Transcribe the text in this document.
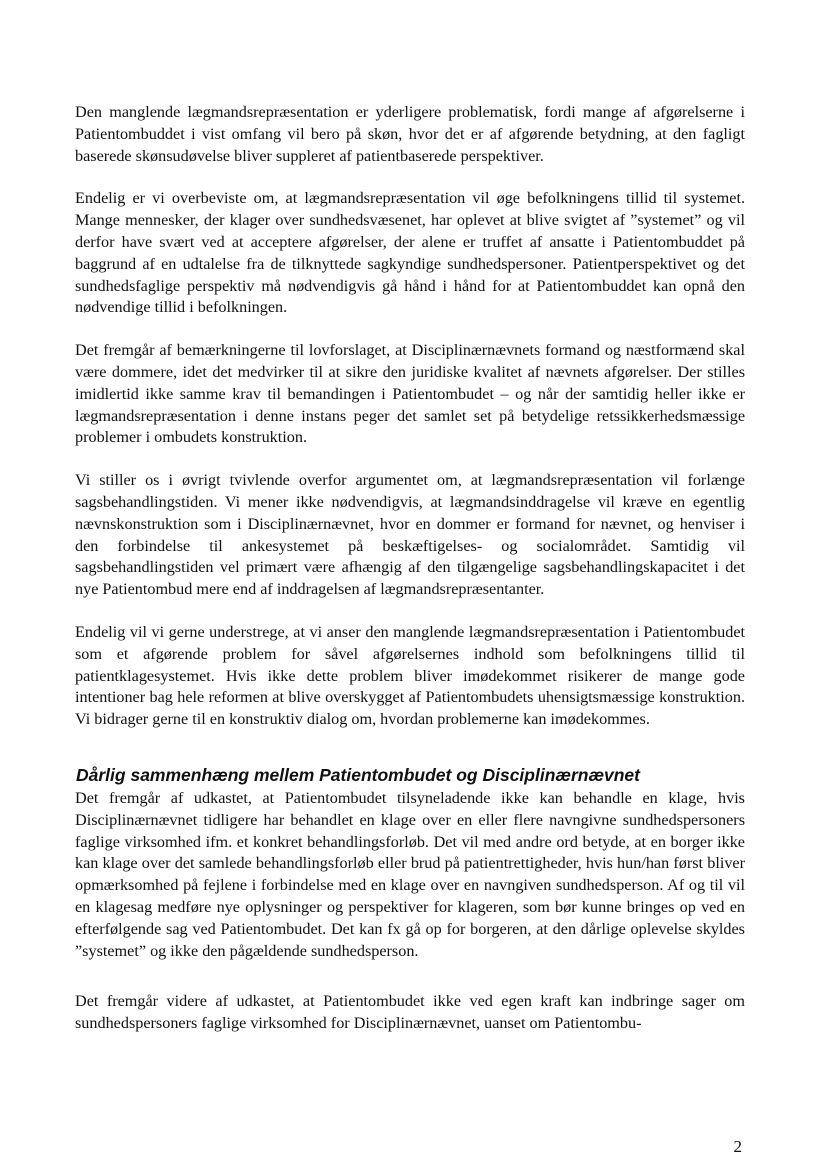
Den manglende lægmandsrepræsentation er yderligere problematisk, fordi mange af afgørelserne i Patientombuddet i vist omfang vil bero på skøn, hvor det er af afgørende betydning, at den fagligt baserede skønsudøvelse bliver suppleret af patientbaserede perspektiver.

Endelig er vi overbeviste om, at lægmandsrepræsentation vil øge befolkningens tillid til systemet. Mange mennesker, der klager over sundhedsvæsenet, har oplevet at blive svigtet af ”systemet” og vil derfor have svært ved at acceptere afgørelser, der alene er truffet af ansatte i Patientombuddet på baggrund af en udtalelse fra de tilknyttede sagkyndige sundhedspersoner. Patientperspektivet og det sundhedsfaglige perspektiv må nødvendigvis gå hånd i hånd for at Patientombuddet kan opnå den nødvendige tillid i befolkningen.

Det fremgår af bemærkningerne til lovforslaget, at Disciplinærnævnets formand og næstformænd skal være dommere, idet det medvirker til at sikre den juridiske kvalitet af nævnets afgørelser. Der stilles imidlertid ikke samme krav til bemandingen i Patientombudet – og når der samtidig heller ikke er lægmandsrepræsentation i denne instans peger det samlet set på betydelige retssikkerhedsmæssige problemer i ombudets konstruktion.

Vi stiller os i øvrigt tvivlende overfor argumentet om, at lægmandsrepræsentation vil forlænge sagsbehandlingstiden. Vi mener ikke nødvendigvis, at lægmandsinddragelse vil kræve en egentlig nævnskonstruktion som i Disciplinærnævnet, hvor en dommer er formand for nævnet, og henviser i den forbindelse til ankesystemet på beskæftigelses- og socialområdet. Samtidig vil sagsbehandlingstiden vel primært være afhængig af den tilgængelige sagsbehandlingskapacitet i det nye Patientombud mere end af inddragelsen af lægmandsrepræsentanter.

Endelig vil vi gerne understrege, at vi anser den manglende lægmandsrepræsentation i Patientombudet som et afgørende problem for såvel afgørelsernes indhold som befolkningens tillid til patientklagesystemet. Hvis ikke dette problem bliver imødekommet risikerer de mange gode intentioner bag hele reformen at blive overskygget af Patientombudets uhensigtsmæssige konstruktion. Vi bidrager gerne til en konstruktiv dialog om, hvordan problemerne kan imødekommes.

Dårlig sammenhæng mellem Patientombudet og Disciplinærnævnet

Det fremgår af udkastet, at Patientombudet tilsyneladende ikke kan behandle en klage, hvis Disciplinærnævnet tidligere har behandlet en klage over en eller flere navngivne sundhedspersoners faglige virksomhed ifm. et konkret behandlingsforløb. Det vil med andre ord betyde, at en borger ikke kan klage over det samlede behandlingsforløb eller brud på patientrettigheder, hvis hun/han først bliver opmærksomhed på fejlene i forbindelse med en klage over en navngiven sundhedsperson. Af og til vil en klagesag medføre nye oplysninger og perspektiver for klageren, som bør kunne bringes op ved en efterfølgende sag ved Patientombudet. Det kan fx gå op for borgeren, at den dårlige oplevelse skyldes ”systemet” og ikke den pågældende sundhedsperson.

Det fremgår videre af udkastet, at Patientombudet ikke ved egen kraft kan indbringe sager om sundhedspersoners faglige virksomhed for Disciplinærnævnet, uanset om Patientombu-

2
